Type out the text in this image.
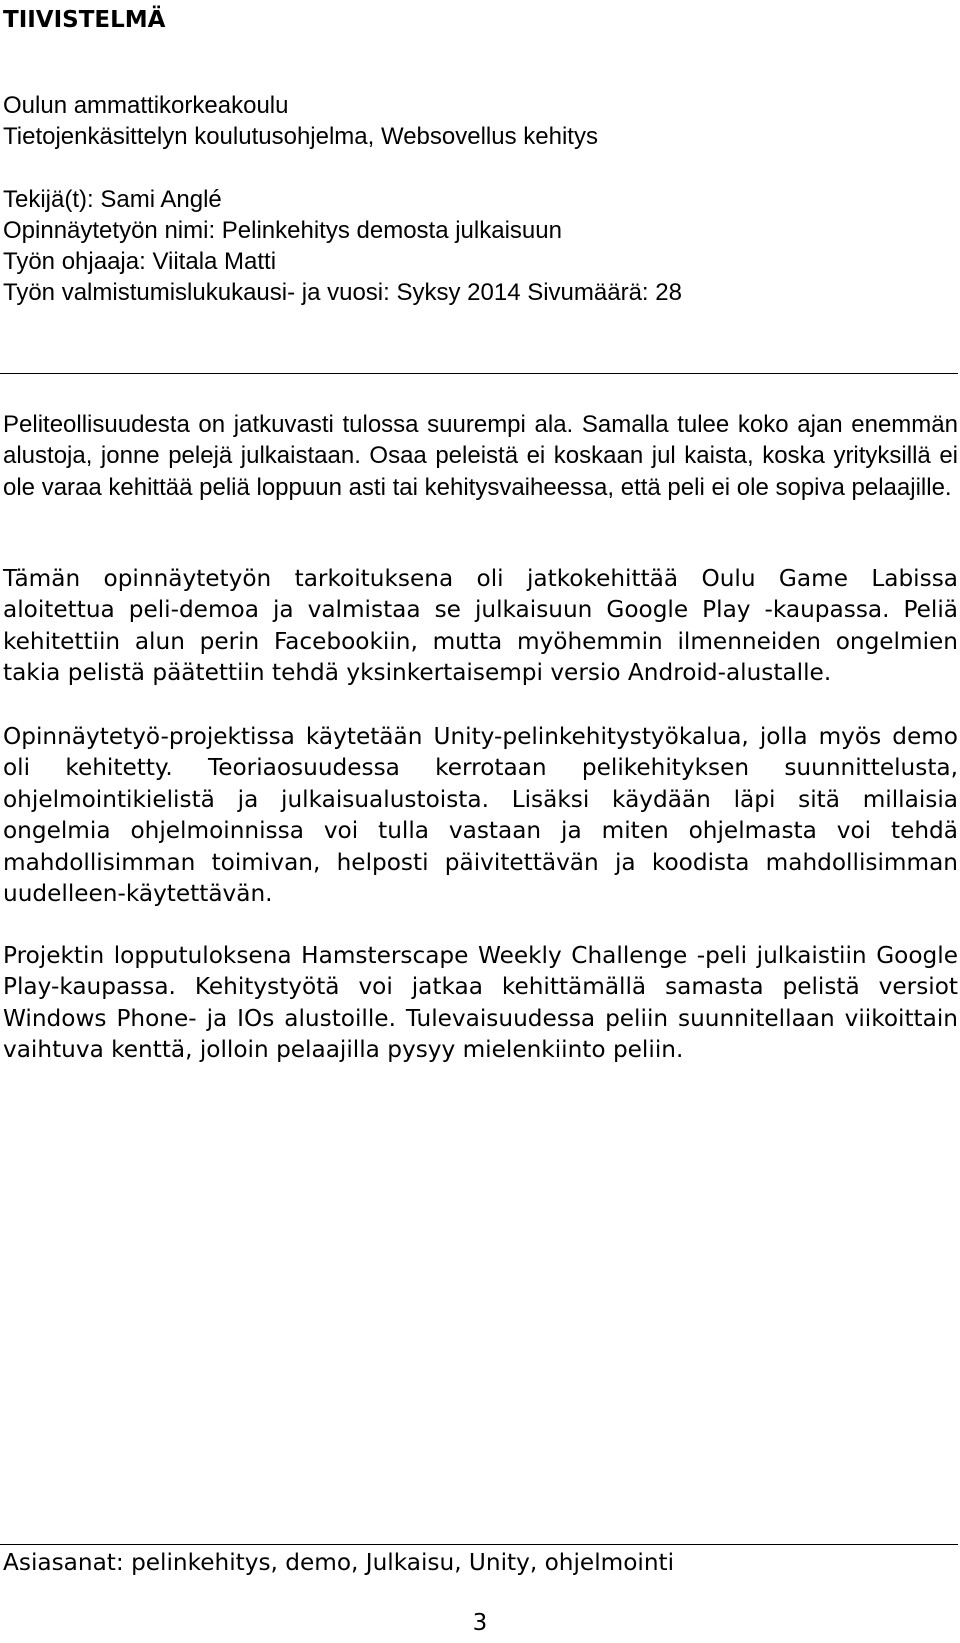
TIIVISTELMÄ
Oulun ammattikorkeakoulu
Tietojenkäsittelyn koulutusohjelma, Websovellus kehitys
Tekijä(t): Sami Anglé
Opinnäytetyön nimi: Pelinkehitys demosta julkaisuun
Työn ohjaaja: Viitala Matti
Työn valmistumislukukausi- ja vuosi: Syksy 2014 Sivumäärä: 28

Peliteollisuudesta on jatkuvasti tulossa suurempi ala. Samalla tulee koko ajan enemmän alustoja, jonne pelejä julkaistaan. Osaa peleistä ei koskaan jul kaista, koska yrityksillä ei ole varaa kehittää peliä loppuun asti tai kehitysvaiheessa, että peli ei ole sopiva pelaajille.

Tämän opinnäytetyön tarkoituksena oli jatkokehittää Oulu Game Labissa aloitettua peli-demoa ja valmistaa se julkaisuun Google Play -kaupassa. Peliä kehitettiin alun perin Facebookiin, mutta myöhemmin ilmenneiden ongelmien takia pelistä päätettiin tehdä yksinkertaisempi versio Android-alustalle.

Opinnäytetyö-projektissa käytetään Unity-pelinkehitystyökalua, jolla myös demo oli kehitetty. Teoriaosuudessa kerrotaan pelikehityksen suunnittelusta, ohjelmointikielistä ja julkaisualustoista. Lisäksi käydään läpi sitä millaisia ongelmia ohjelmoinnissa voi tulla vastaan ja miten ohjelmasta voi tehdä mahdollisimman toimivan, helposti päivitettävän ja koodista mahdollisimman uudelleen-käytettävän.

Projektin lopputuloksena Hamsterscape Weekly Challenge -peli julkaistiin Google Play-kaupassa. Kehitystyötä voi jatkaa kehittämällä samasta pelistä versiot Windows Phone- ja IOs alustoille. Tulevaisuudessa peliin suunnitellaan viikoittain vaihtuva kenttä, jolloin pelaajilla pysyy mielenkiinto peliin.

Asiasanat: pelinkehitys, demo, Julkaisu, Unity, ohjelmointi

3
